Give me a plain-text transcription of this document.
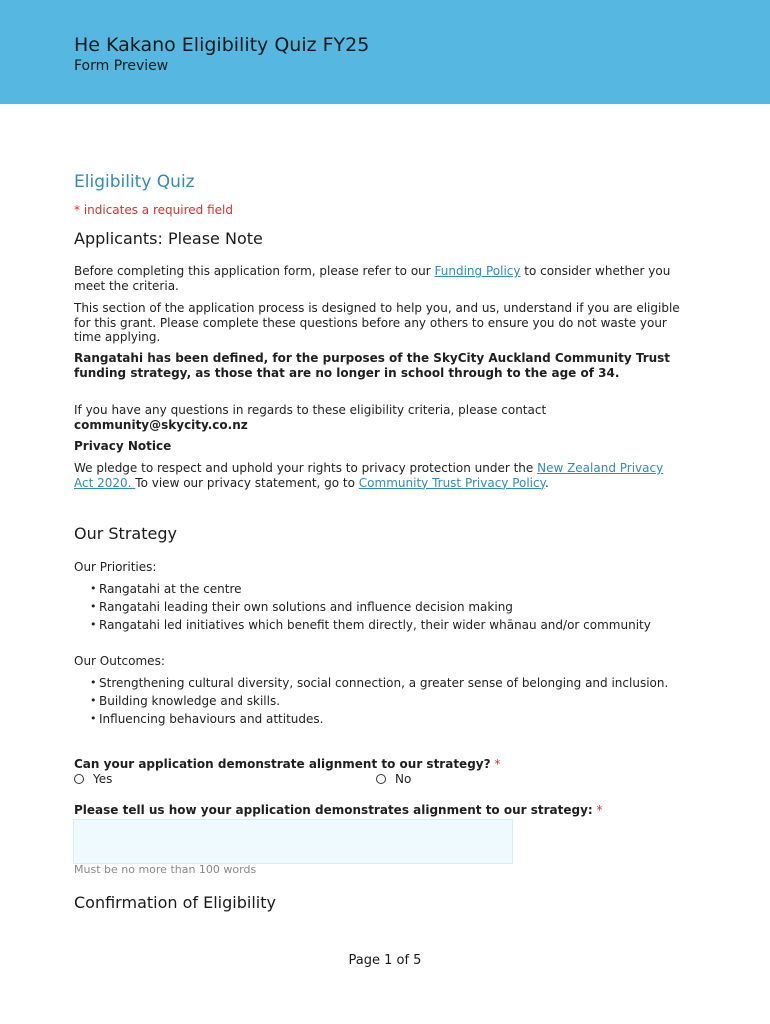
He Kakano Eligibility Quiz FY25
Form Preview
Eligibility Quiz
* indicates a required field
Applicants: Please Note
Before completing this application form, please refer to our Funding Policy to consider whether you meet the criteria.
This section of the application process is designed to help you, and us, understand if you are eligible for this grant. Please complete these questions before any others to ensure you do not waste your time applying.
Rangatahi has been defined, for the purposes of the SkyCity Auckland Community Trust funding strategy, as those that are no longer in school through to the age of 34.
If you have any questions in regards to these eligibility criteria, please contact community@skycity.co.nz
Privacy Notice
We pledge to respect and uphold your rights to privacy protection under the New Zealand Privacy Act 2020. To view our privacy statement, go to Community Trust Privacy Policy.
Our Strategy
Our Priorities:
• Rangatahi at the centre
• Rangatahi leading their own solutions and influence decision making
• Rangatahi led initiatives which benefit them directly, their wider whānau and/or community
Our Outcomes:
• Strengthening cultural diversity, social connection, a greater sense of belonging and inclusion.
• Building knowledge and skills.
• Influencing behaviours and attitudes.
Can your application demonstrate alignment to our strategy? *
Yes	No
Please tell us how your application demonstrates alignment to our strategy: *
Must be no more than 100 words
Confirmation of Eligibility
Page 1 of 5
